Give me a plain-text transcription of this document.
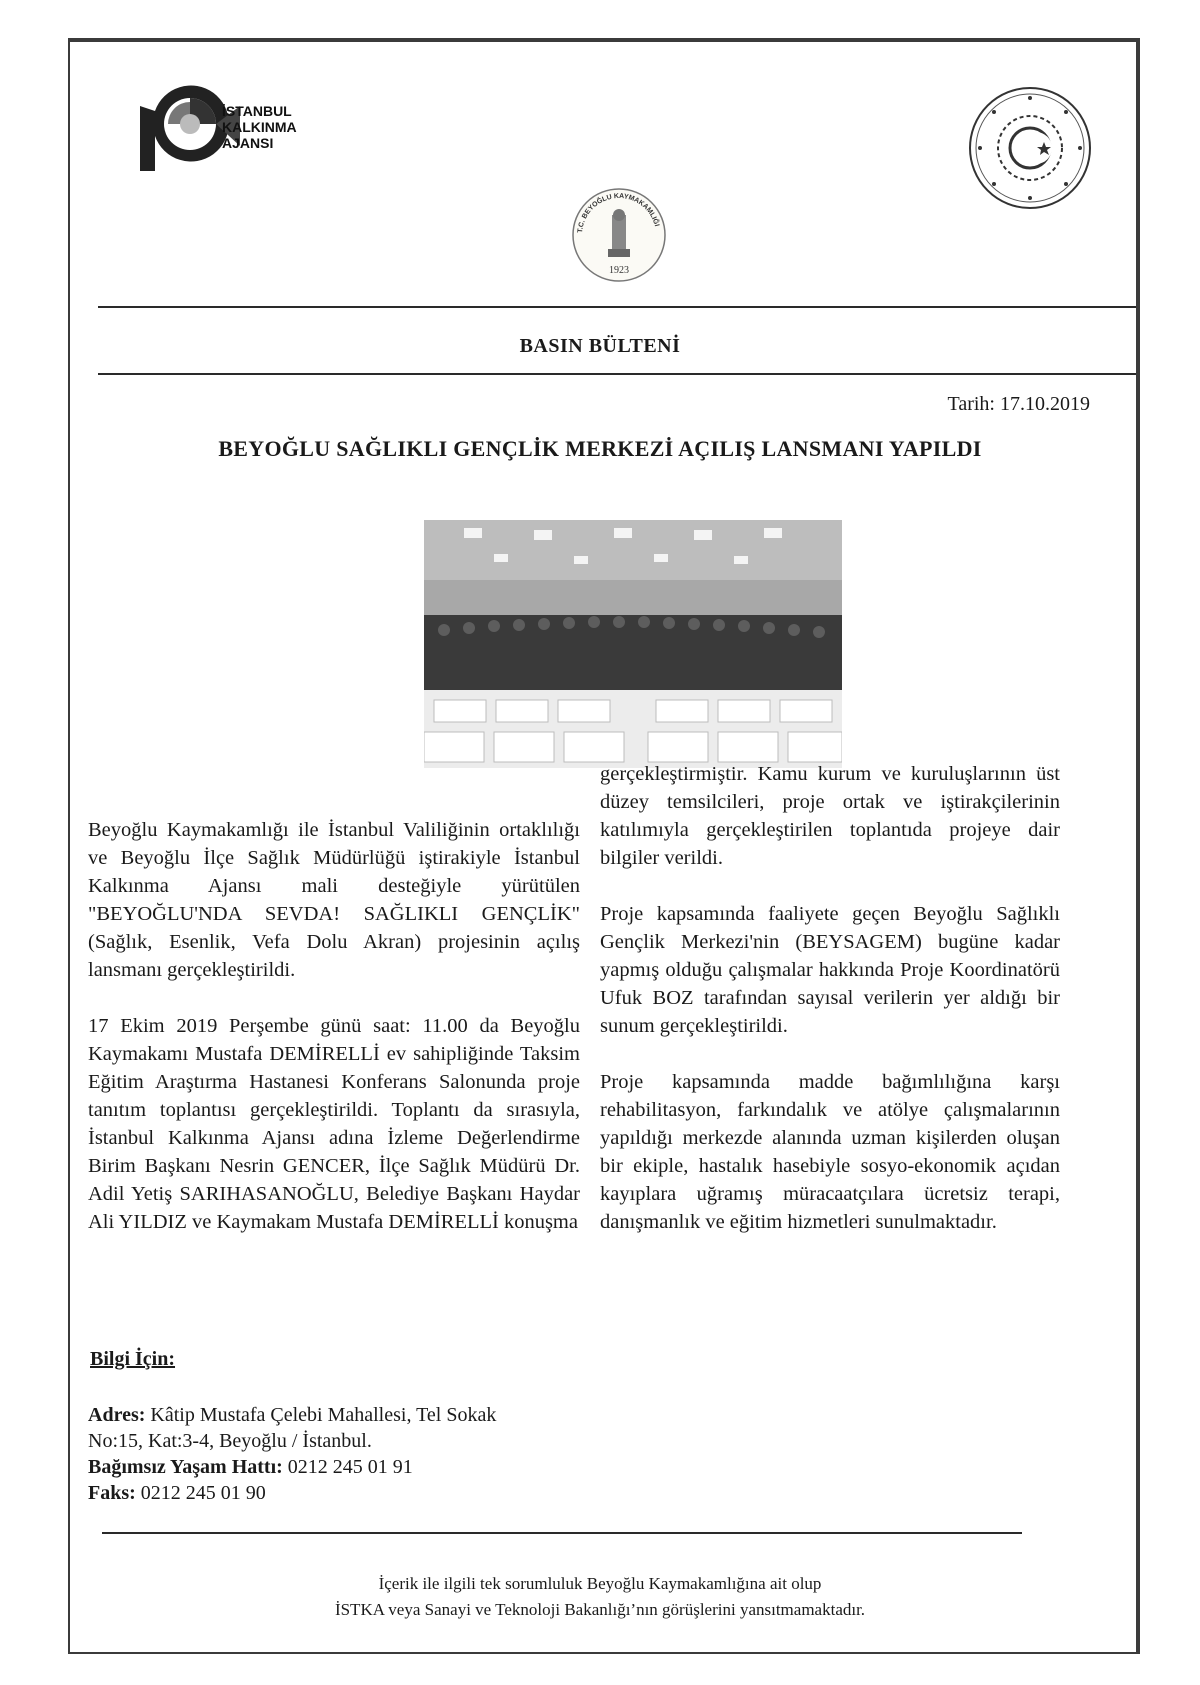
İSTANBUL
KALKINMA
AJANSI
T.C. BEYOĞLU KAYMAKAMLIĞI
1923
BASIN BÜLTENİ
Tarih: 17.10.2019
BEYOĞLU SAĞLIKLI GENÇLİK MERKEZİ AÇILIŞ LANSMANI YAPILDI

Beyoğlu Kaymakamlığı ile İstanbul Valiliğinin ortaklılığı ve Beyoğlu İlçe Sağlık Müdürlüğü iştirakiyle İstanbul Kalkınma Ajansı mali desteğiyle yürütülen "BEYOĞLU'NDA SEVDA! SAĞLIKLI GENÇLİK" (Sağlık, Esenlik, Vefa Dolu Akran) projesinin açılış lansmanı gerçekleştirildi.

17 Ekim 2019 Perşembe günü saat: 11.00 da Beyoğlu Kaymakamı Mustafa DEMİRELLİ ev sahipliğinde Taksim Eğitim Araştırma Hastanesi Konferans Salonunda proje tanıtım toplantısı gerçekleştirildi. Toplantı da sırasıyla, İstanbul Kalkınma Ajansı adına İzleme Değerlendirme Birim Başkanı Nesrin GENCER, İlçe Sağlık Müdürü Dr. Adil Yetiş SARIHASANOĞLU, Belediye Başkanı Haydar Ali YILDIZ ve Kaymakam Mustafa DEMİRELLİ konuşma

gerçekleştirmiştir. Kamu kurum ve kuruluşlarının üst düzey temsilcileri, proje ortak ve iştirakçilerinin katılımıyla gerçekleştirilen toplantıda projeye dair bilgiler verildi.

Proje kapsamında faaliyete geçen Beyoğlu Sağlıklı Gençlik Merkezi'nin (BEYSAGEM) bugüne kadar yapmış olduğu çalışmalar hakkında Proje Koordinatörü Ufuk BOZ tarafından sayısal verilerin yer aldığı bir sunum gerçekleştirildi.

Proje kapsamında madde bağımlılığına karşı rehabilitasyon, farkındalık ve atölye çalışmalarının yapıldığı merkezde alanında uzman kişilerden oluşan bir ekiple, hastalık hasebiyle sosyo-ekonomik açıdan kayıplara uğramış müracaatçılara ücretsiz terapi, danışmanlık ve eğitim hizmetleri sunulmaktadır.

Bilgi İçin:
Adres: Kâtip Mustafa Çelebi Mahallesi, Tel Sokak
No:15, Kat:3-4, Beyoğlu / İstanbul.
Bağımsız Yaşam Hattı: 0212 245 01 91
Faks: 0212 245 01 90
İçerik ile ilgili tek sorumluluk Beyoğlu Kaymakamlığına ait olup
İSTKA veya Sanayi ve Teknoloji Bakanlığı’nın görüşlerini yansıtmamaktadır.
